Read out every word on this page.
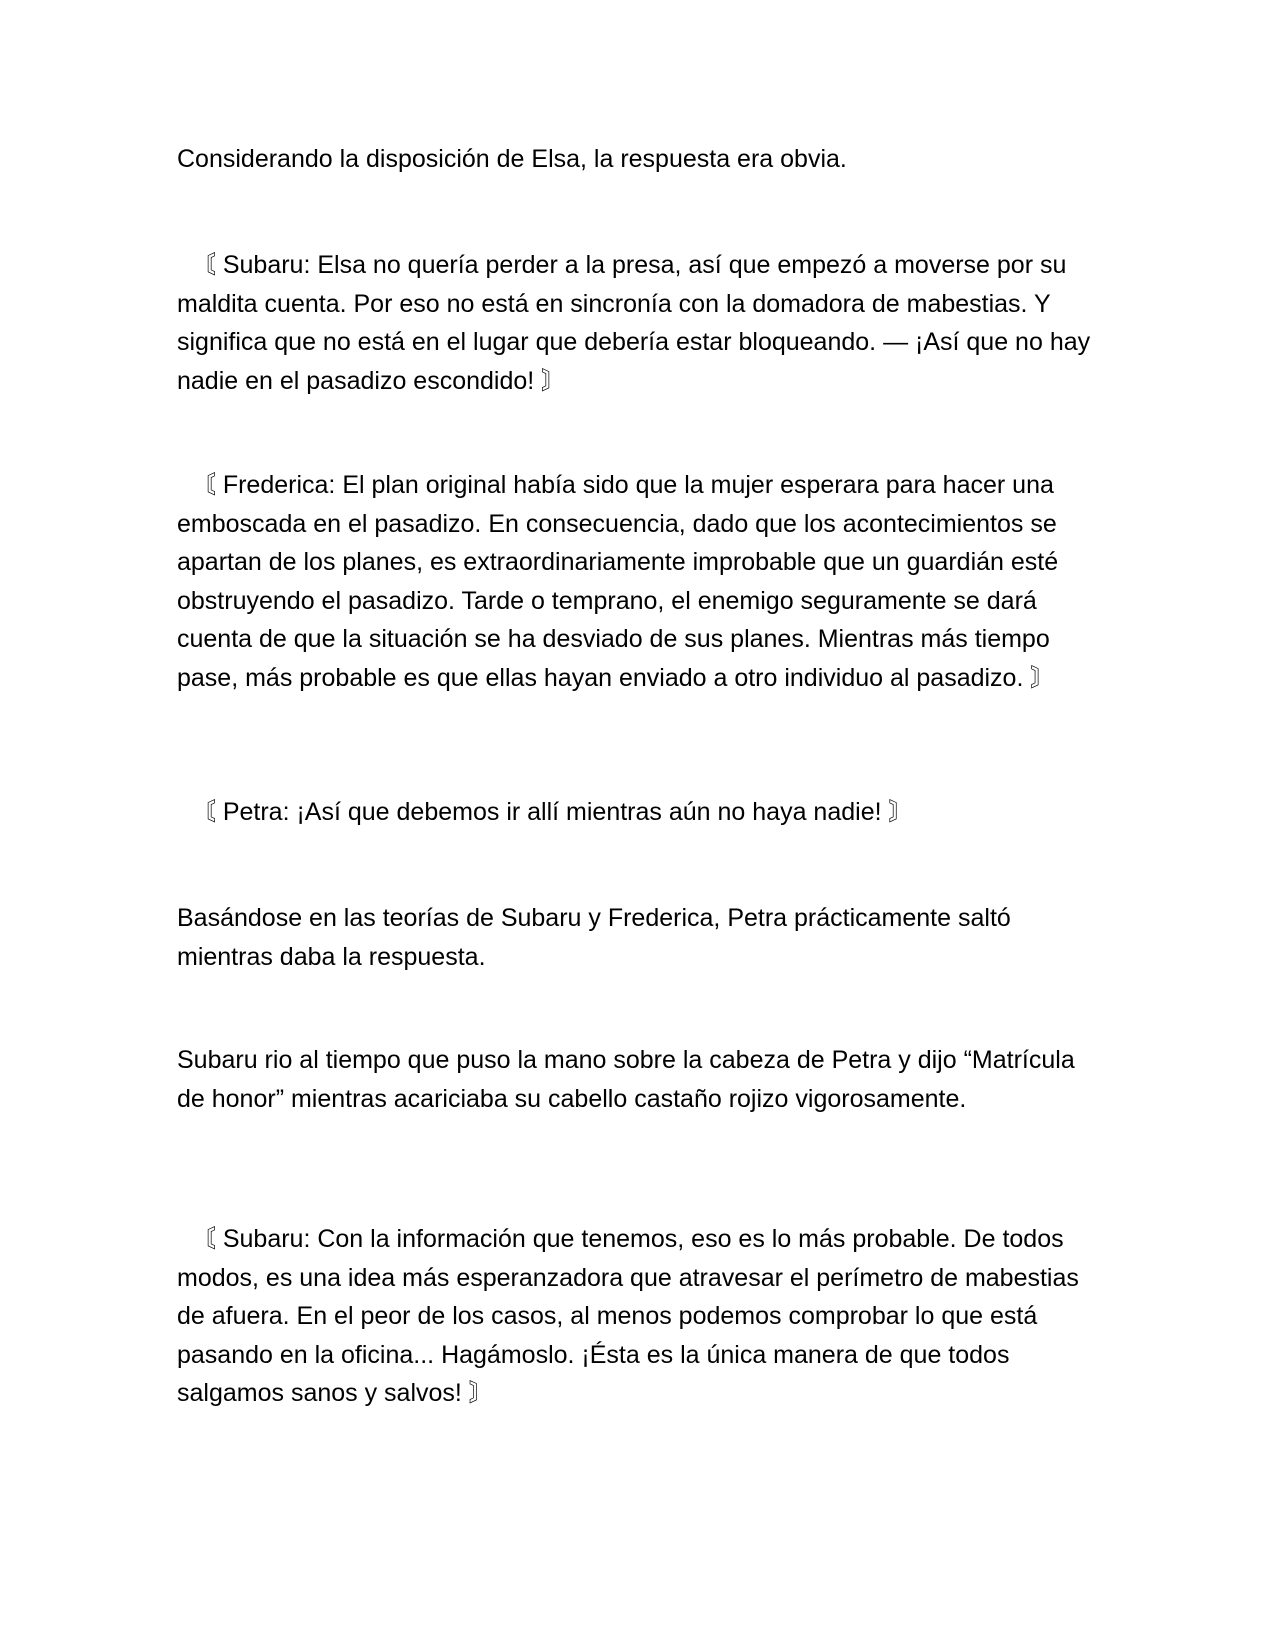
Considerando la disposición de Elsa, la respuesta era obvia.

〘 Subaru: Elsa no quería perder a la presa, así que empezó a moverse por su maldita cuenta. Por eso no está en sincronía con la domadora de mabestias. Y significa que no está en el lugar que debería estar bloqueando. — ¡Así que no hay nadie en el pasadizo escondido! 〙

〘 Frederica: El plan original había sido que la mujer esperara para hacer una emboscada en el pasadizo. En consecuencia, dado que los acontecimientos se apartan de los planes, es extraordinariamente improbable que un guardián esté obstruyendo el pasadizo. Tarde o temprano, el enemigo seguramente se dará cuenta de que la situación se ha desviado de sus planes. Mientras más tiempo pase, más probable es que ellas hayan enviado a otro individuo al pasadizo. 〙

〘 Petra: ¡Así que debemos ir allí mientras aún no haya nadie! 〙

Basándose en las teorías de Subaru y Frederica, Petra prácticamente saltó mientras daba la respuesta.

Subaru rio al tiempo que puso la mano sobre la cabeza de Petra y dijo “Matrícula de honor” mientras acariciaba su cabello castaño rojizo vigorosamente.

〘 Subaru: Con la información que tenemos, eso es lo más probable. De todos modos, es una idea más esperanzadora que atravesar el perímetro de mabestias de afuera. En el peor de los casos, al menos podemos comprobar lo que está pasando en la oficina... Hagámoslo. ¡Ésta es la única manera de que todos salgamos sanos y salvos! 〙
